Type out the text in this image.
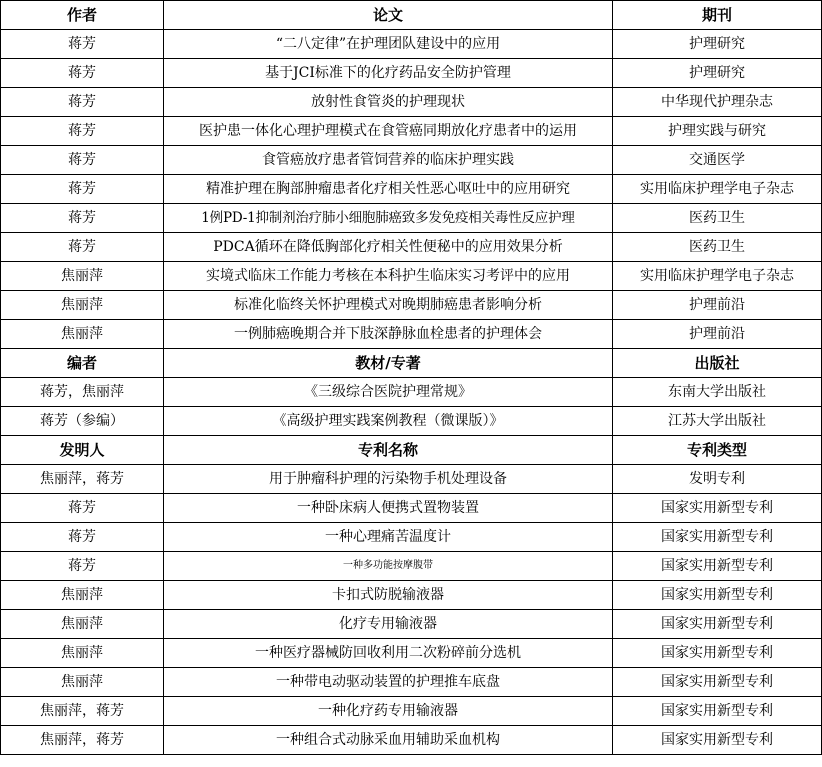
作者	论文	期刊
蒋芳	“二八定律”在护理团队建设中的应用	护理研究
蒋芳	基于JCI标准下的化疗药品安全防护管理	护理研究
蒋芳	放射性食管炎的护理现状	中华现代护理杂志
蒋芳	医护患一体化心理护理模式在食管癌同期放化疗患者中的运用	护理实践与研究
蒋芳	食管癌放疗患者管饲营养的临床护理实践	交通医学
蒋芳	精准护理在胸部肿瘤患者化疗相关性恶心呕吐中的应用研究	实用临床护理学电子杂志
蒋芳	1例PD-1抑制剂治疗肺小细胞肺癌致多发免疫相关毒性反应护理	医药卫生
蒋芳	PDCA循环在降低胸部化疗相关性便秘中的应用效果分析	医药卫生
焦丽萍	实境式临床工作能力考核在本科护生临床实习考评中的应用	实用临床护理学电子杂志
焦丽萍	标准化临终关怀护理模式对晚期肺癌患者影响分析	护理前沿
焦丽萍	一例肺癌晚期合并下肢深静脉血栓患者的护理体会	护理前沿
编者	教材/专著	出版社
蒋芳，焦丽萍	《三级综合医院护理常规》	东南大学出版社
蒋芳（参编）	《高级护理实践案例教程（微课版）》	江苏大学出版社
发明人	专利名称	专利类型
焦丽萍，蒋芳	用于肿瘤科护理的污染物手机处理设备	发明专利
蒋芳	一种卧床病人便携式置物装置	国家实用新型专利
蒋芳	一种心理痛苦温度计	国家实用新型专利
蒋芳	一种多功能按摩腹带	国家实用新型专利
焦丽萍	卡扣式防脱输液器	国家实用新型专利
焦丽萍	化疗专用输液器	国家实用新型专利
焦丽萍	一种医疗器械防回收利用二次粉碎前分选机	国家实用新型专利
焦丽萍	一种带电动驱动装置的护理推车底盘	国家实用新型专利
焦丽萍，蒋芳	一种化疗药专用输液器	国家实用新型专利
焦丽萍，蒋芳	一种组合式动脉采血用辅助采血机构	国家实用新型专利
